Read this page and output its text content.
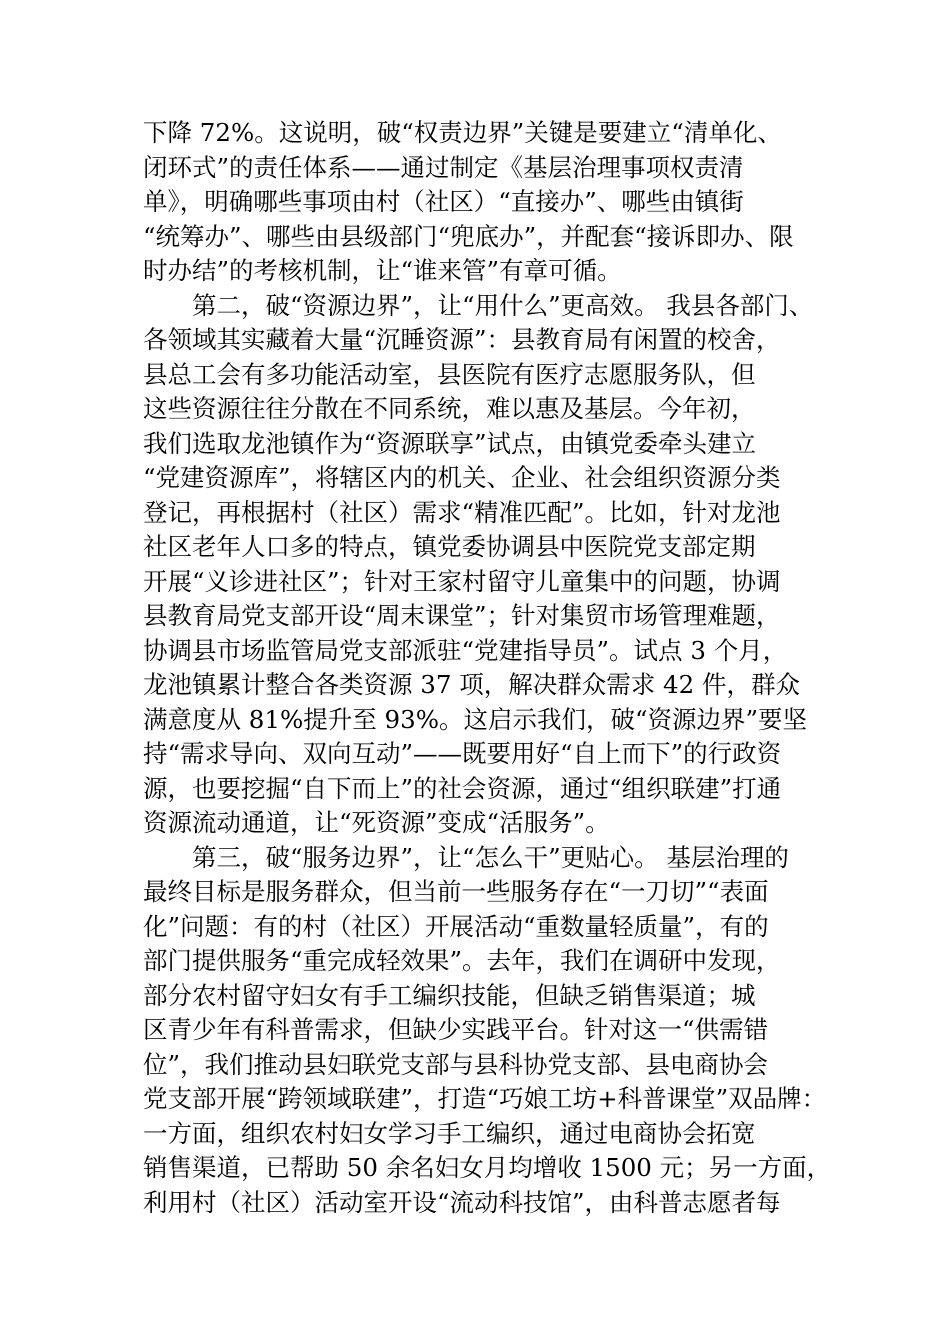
下降 72%。这说明，破“权责边界”关键是要建立“清单化、
闭环式”的责任体系——通过制定《基层治理事项权责清
单》，明确哪些事项由村（社区）“直接办”、哪些由镇街
“统筹办”、哪些由县级部门“兜底办”，并配套“接诉即办、限
时办结”的考核机制，让“谁来管”有章可循。
第二，破“资源边界”，让“用什么”更高效。 我县各部门、
各领域其实藏着大量“沉睡资源”：县教育局有闲置的校舍，
县总工会有多功能活动室，县医院有医疗志愿服务队，但
这些资源往往分散在不同系统，难以惠及基层。今年初，
我们选取龙池镇作为“资源联享”试点，由镇党委牵头建立
“党建资源库”，将辖区内的机关、企业、社会组织资源分类
登记，再根据村（社区）需求“精准匹配”。比如，针对龙池
社区老年人口多的特点，镇党委协调县中医院党支部定期
开展“义诊进社区”；针对王家村留守儿童集中的问题，协调
县教育局党支部开设“周末课堂”；针对集贸市场管理难题，
协调县市场监管局党支部派驻“党建指导员”。试点 3 个月，
龙池镇累计整合各类资源 37 项，解决群众需求 42 件，群众
满意度从 81%提升至 93%。这启示我们，破“资源边界”要坚
持“需求导向、双向互动”——既要用好“自上而下”的行政资
源，也要挖掘“自下而上”的社会资源，通过“组织联建”打通
资源流动通道，让“死资源”变成“活服务”。
第三，破“服务边界”，让“怎么干”更贴心。 基层治理的
最终目标是服务群众，但当前一些服务存在“一刀切”“表面
化”问题：有的村（社区）开展活动“重数量轻质量”，有的
部门提供服务“重完成轻效果”。去年，我们在调研中发现，
部分农村留守妇女有手工编织技能，但缺乏销售渠道；城
区青少年有科普需求，但缺少实践平台。针对这一“供需错
位”，我们推动县妇联党支部与县科协党支部、县电商协会
党支部开展“跨领域联建”，打造“巧娘工坊+科普课堂”双品牌：
一方面，组织农村妇女学习手工编织，通过电商协会拓宽
销售渠道，已帮助 50 余名妇女月均增收 1500 元；另一方面，
利用村（社区）活动室开设“流动科技馆”，由科普志愿者每
